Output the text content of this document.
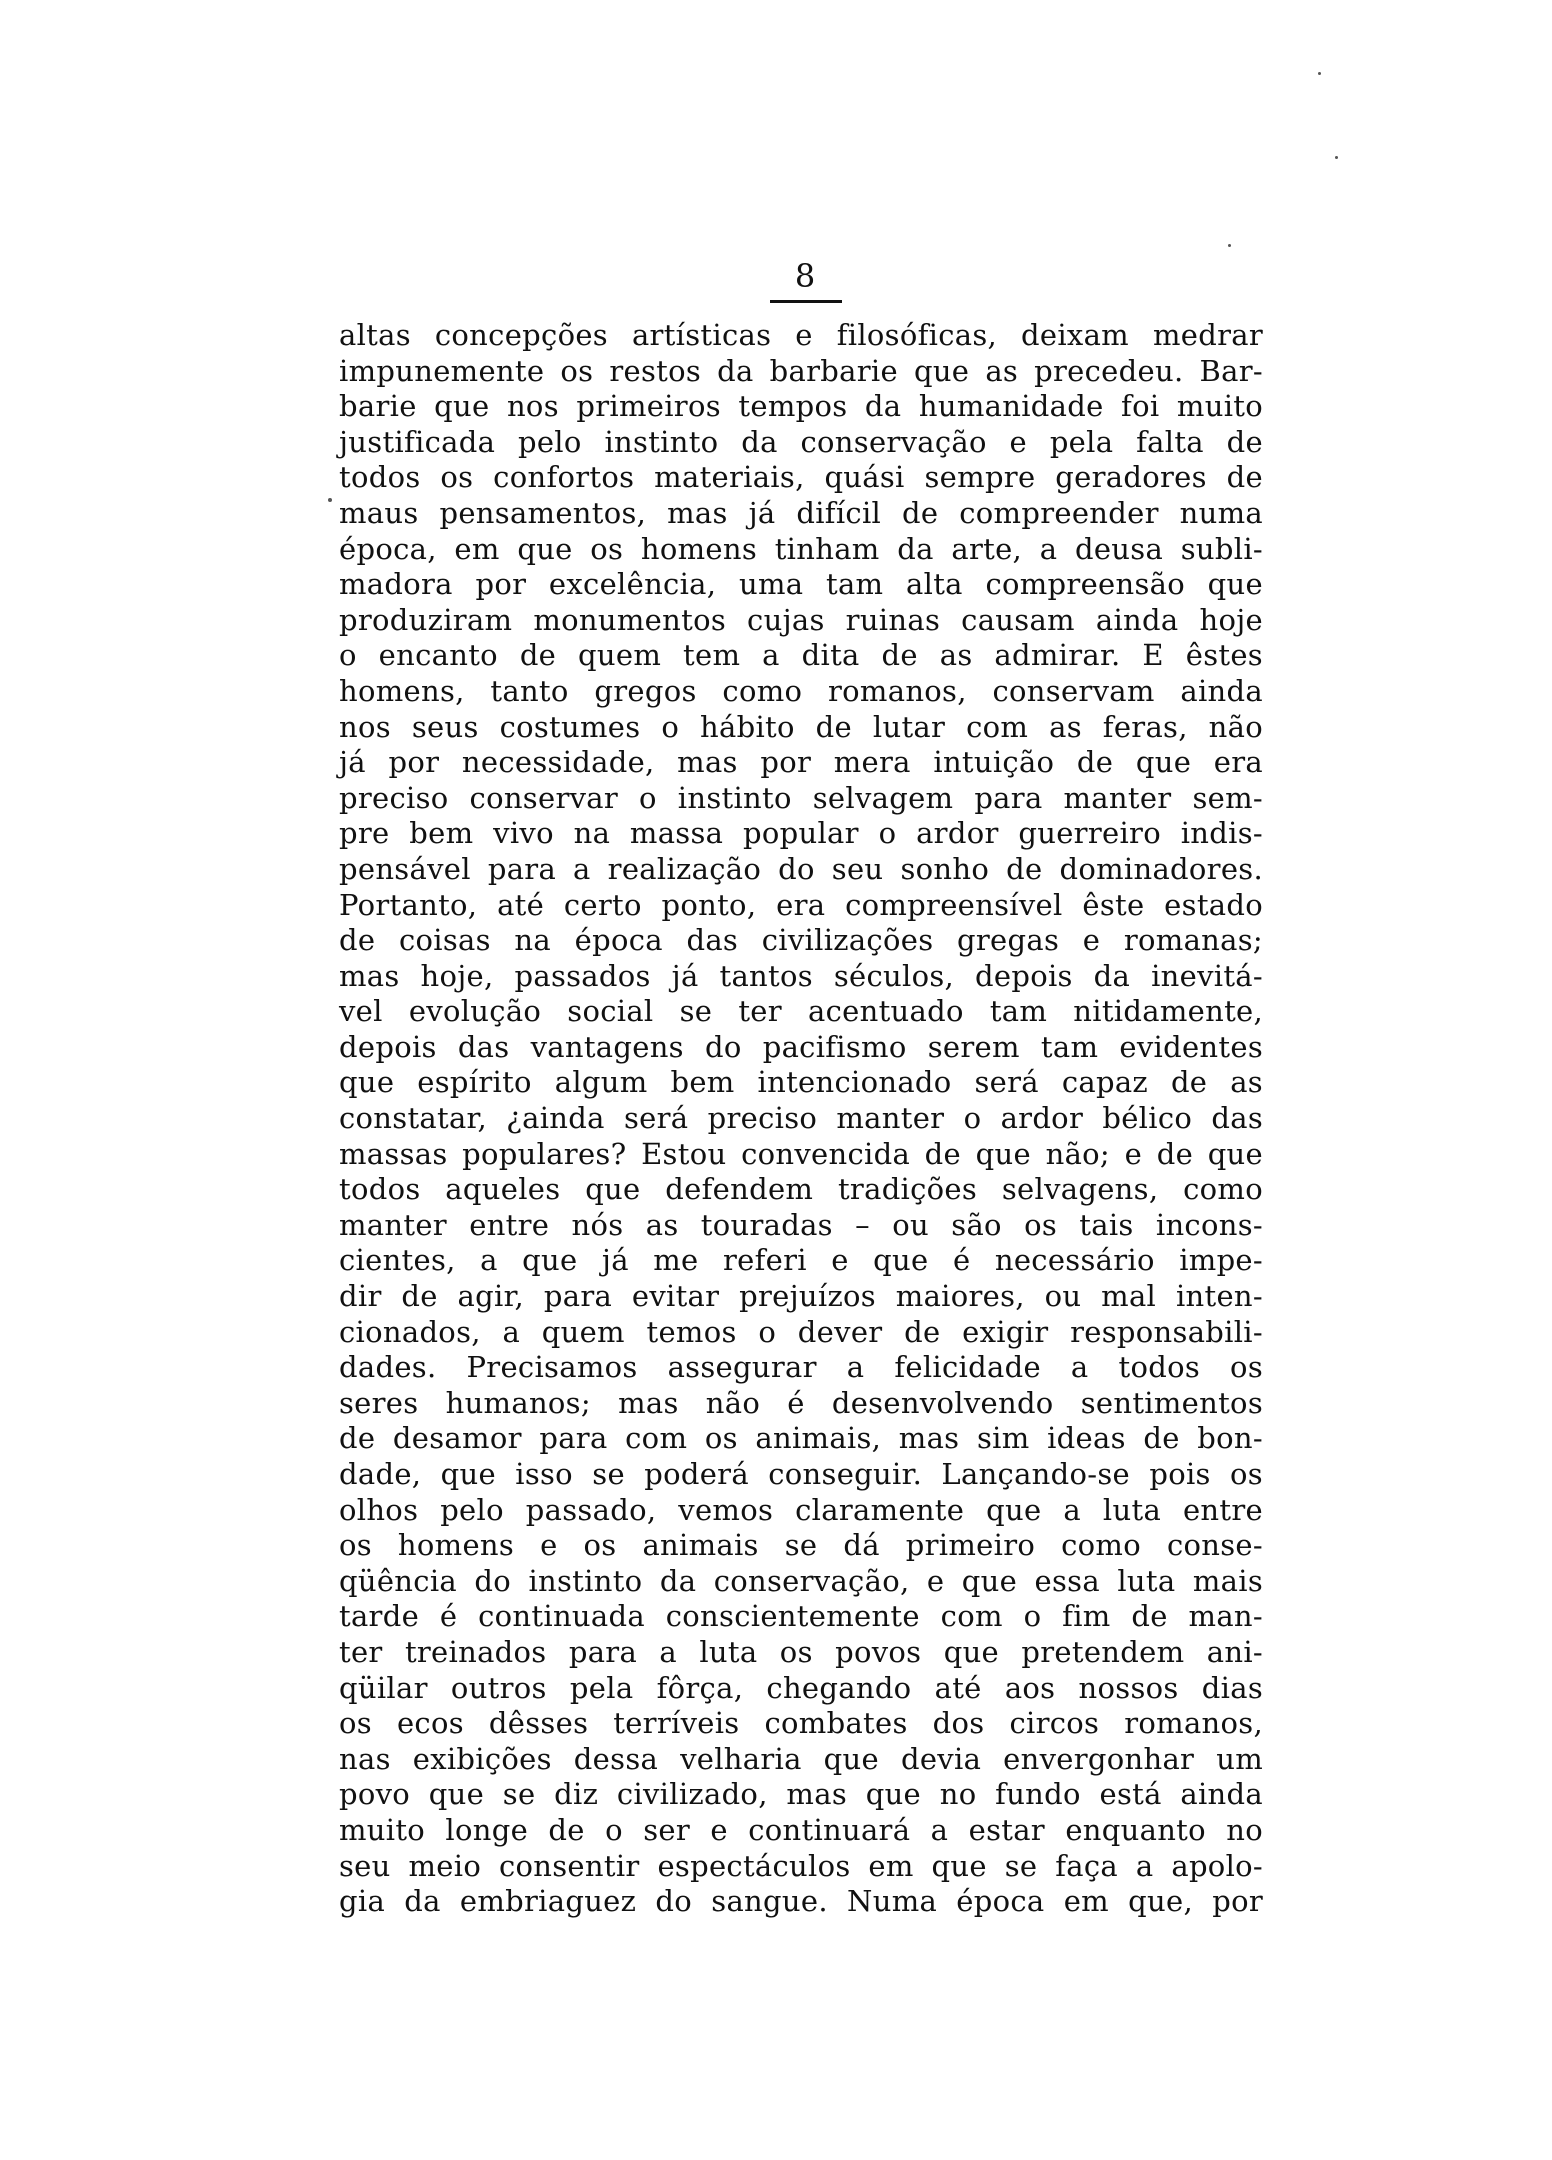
8
altas concepções artísticas e filosóficas, deixam medrar
impunemente os restos da barbarie que as precedeu. Bar-
barie que nos primeiros tempos da humanidade foi muito
justificada pelo instinto da conservação e pela falta de
todos os confortos materiais, quási sempre geradores de
maus pensamentos, mas já difícil de compreender numa
época, em que os homens tinham da arte, a deusa subli-
madora por excelência, uma tam alta compreensão que
produziram monumentos cujas ruinas causam ainda hoje
o encanto de quem tem a dita de as admirar. E êstes
homens, tanto gregos como romanos, conservam ainda
nos seus costumes o hábito de lutar com as feras, não
já por necessidade, mas por mera intuição de que era
preciso conservar o instinto selvagem para manter sem-
pre bem vivo na massa popular o ardor guerreiro indis-
pensável para a realização do seu sonho de dominadores.
Portanto, até certo ponto, era compreensível êste estado
de coisas na época das civilizações gregas e romanas;
mas hoje, passados já tantos séculos, depois da inevitá-
vel evolução social se ter acentuado tam nitidamente,
depois das vantagens do pacifismo serem tam evidentes
que espírito algum bem intencionado será capaz de as
constatar, ¿ainda será preciso manter o ardor bélico das
massas populares? Estou convencida de que não; e de que
todos aqueles que defendem tradições selvagens, como
manter entre nós as touradas – ou são os tais incons-
cientes, a que já me referi e que é necessário impe-
dir de agir, para evitar prejuízos maiores, ou mal inten-
cionados, a quem temos o dever de exigir responsabili-
dades. Precisamos assegurar a felicidade a todos os
seres humanos; mas não é desenvolvendo sentimentos
de desamor para com os animais, mas sim ideas de bon-
dade, que isso se poderá conseguir. Lançando-se pois os
olhos pelo passado, vemos claramente que a luta entre
os homens e os animais se dá primeiro como conse-
qüência do instinto da conservação, e que essa luta mais
tarde é continuada conscientemente com o fim de man-
ter treinados para a luta os povos que pretendem ani-
qüilar outros pela fôrça, chegando até aos nossos dias
os ecos dêsses terríveis combates dos circos romanos,
nas exibições dessa velharia que devia envergonhar um
povo que se diz civilizado, mas que no fundo está ainda
muito longe de o ser e continuará a estar enquanto no
seu meio consentir espectáculos em que se faça a apolo-
gia da embriaguez do sangue. Numa época em que, por
